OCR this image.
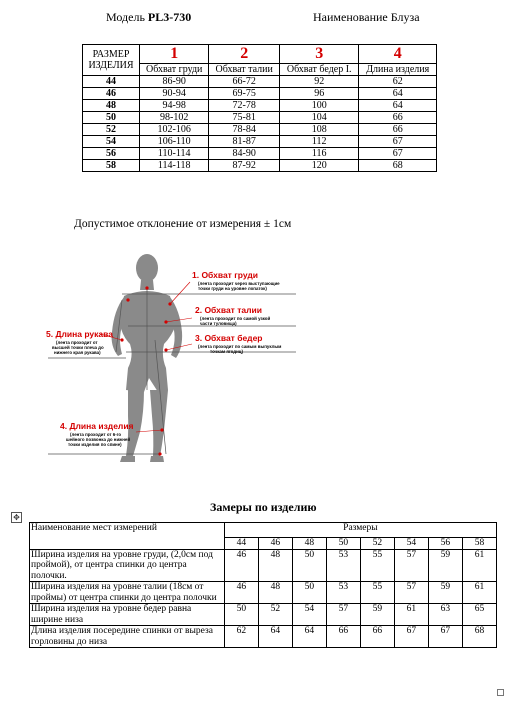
Модель PL3-730	Наименование Блуза
РАЗМЕР ИЗДЕЛИЯ	1	2	3	4
	Обхват груди	Обхват талии	Обхват бедер I.	Длина изделия
44	86-90	66-72	92	62
46	90-94	69-75	96	64
48	94-98	72-78	100	64
50	98-102	75-81	104	66
52	102-106	78-84	108	66
54	106-110	81-87	112	67
56	110-114	84-90	116	67
58	114-118	87-92	120	68
Допустимое отклонение от измерения ± 1см
1. Обхват груди
(лента проходит через выступающие
точки груди на уровне лопаток)
2. Обхват талии
(лента проходит по самой узкой
части туловища)
3. Обхват бедер
(лента проходит по самым выпуклым
точкам ягодиц)
5. Длина рукава
(лента проходит от
высшей точки плеча до
нижнего края рукава)
4. Длина изделия
(лента проходит от 6-го
шейного позвонка до нижней
точки изделия по спине)
Замеры по изделию
✥
Наименование мест измерений	Размеры							
	44	46	48	50	52	54	56	58
Ширина изделия на уровне груди, (2,0см под проймой), от центра спинки до центра полочки.	46	48	50	53	55	57	59	61
Ширина изделия на уровне талии (18см от проймы) от центра спинки до центра полочки	46	48	50	53	55	57	59	61
Ширина изделия на уровне бедер равна ширине низа	50	52	54	57	59	61	63	65
Длина изделия посередине спинки от выреза горловины до низа	62	64	64	66	66	67	67	68
